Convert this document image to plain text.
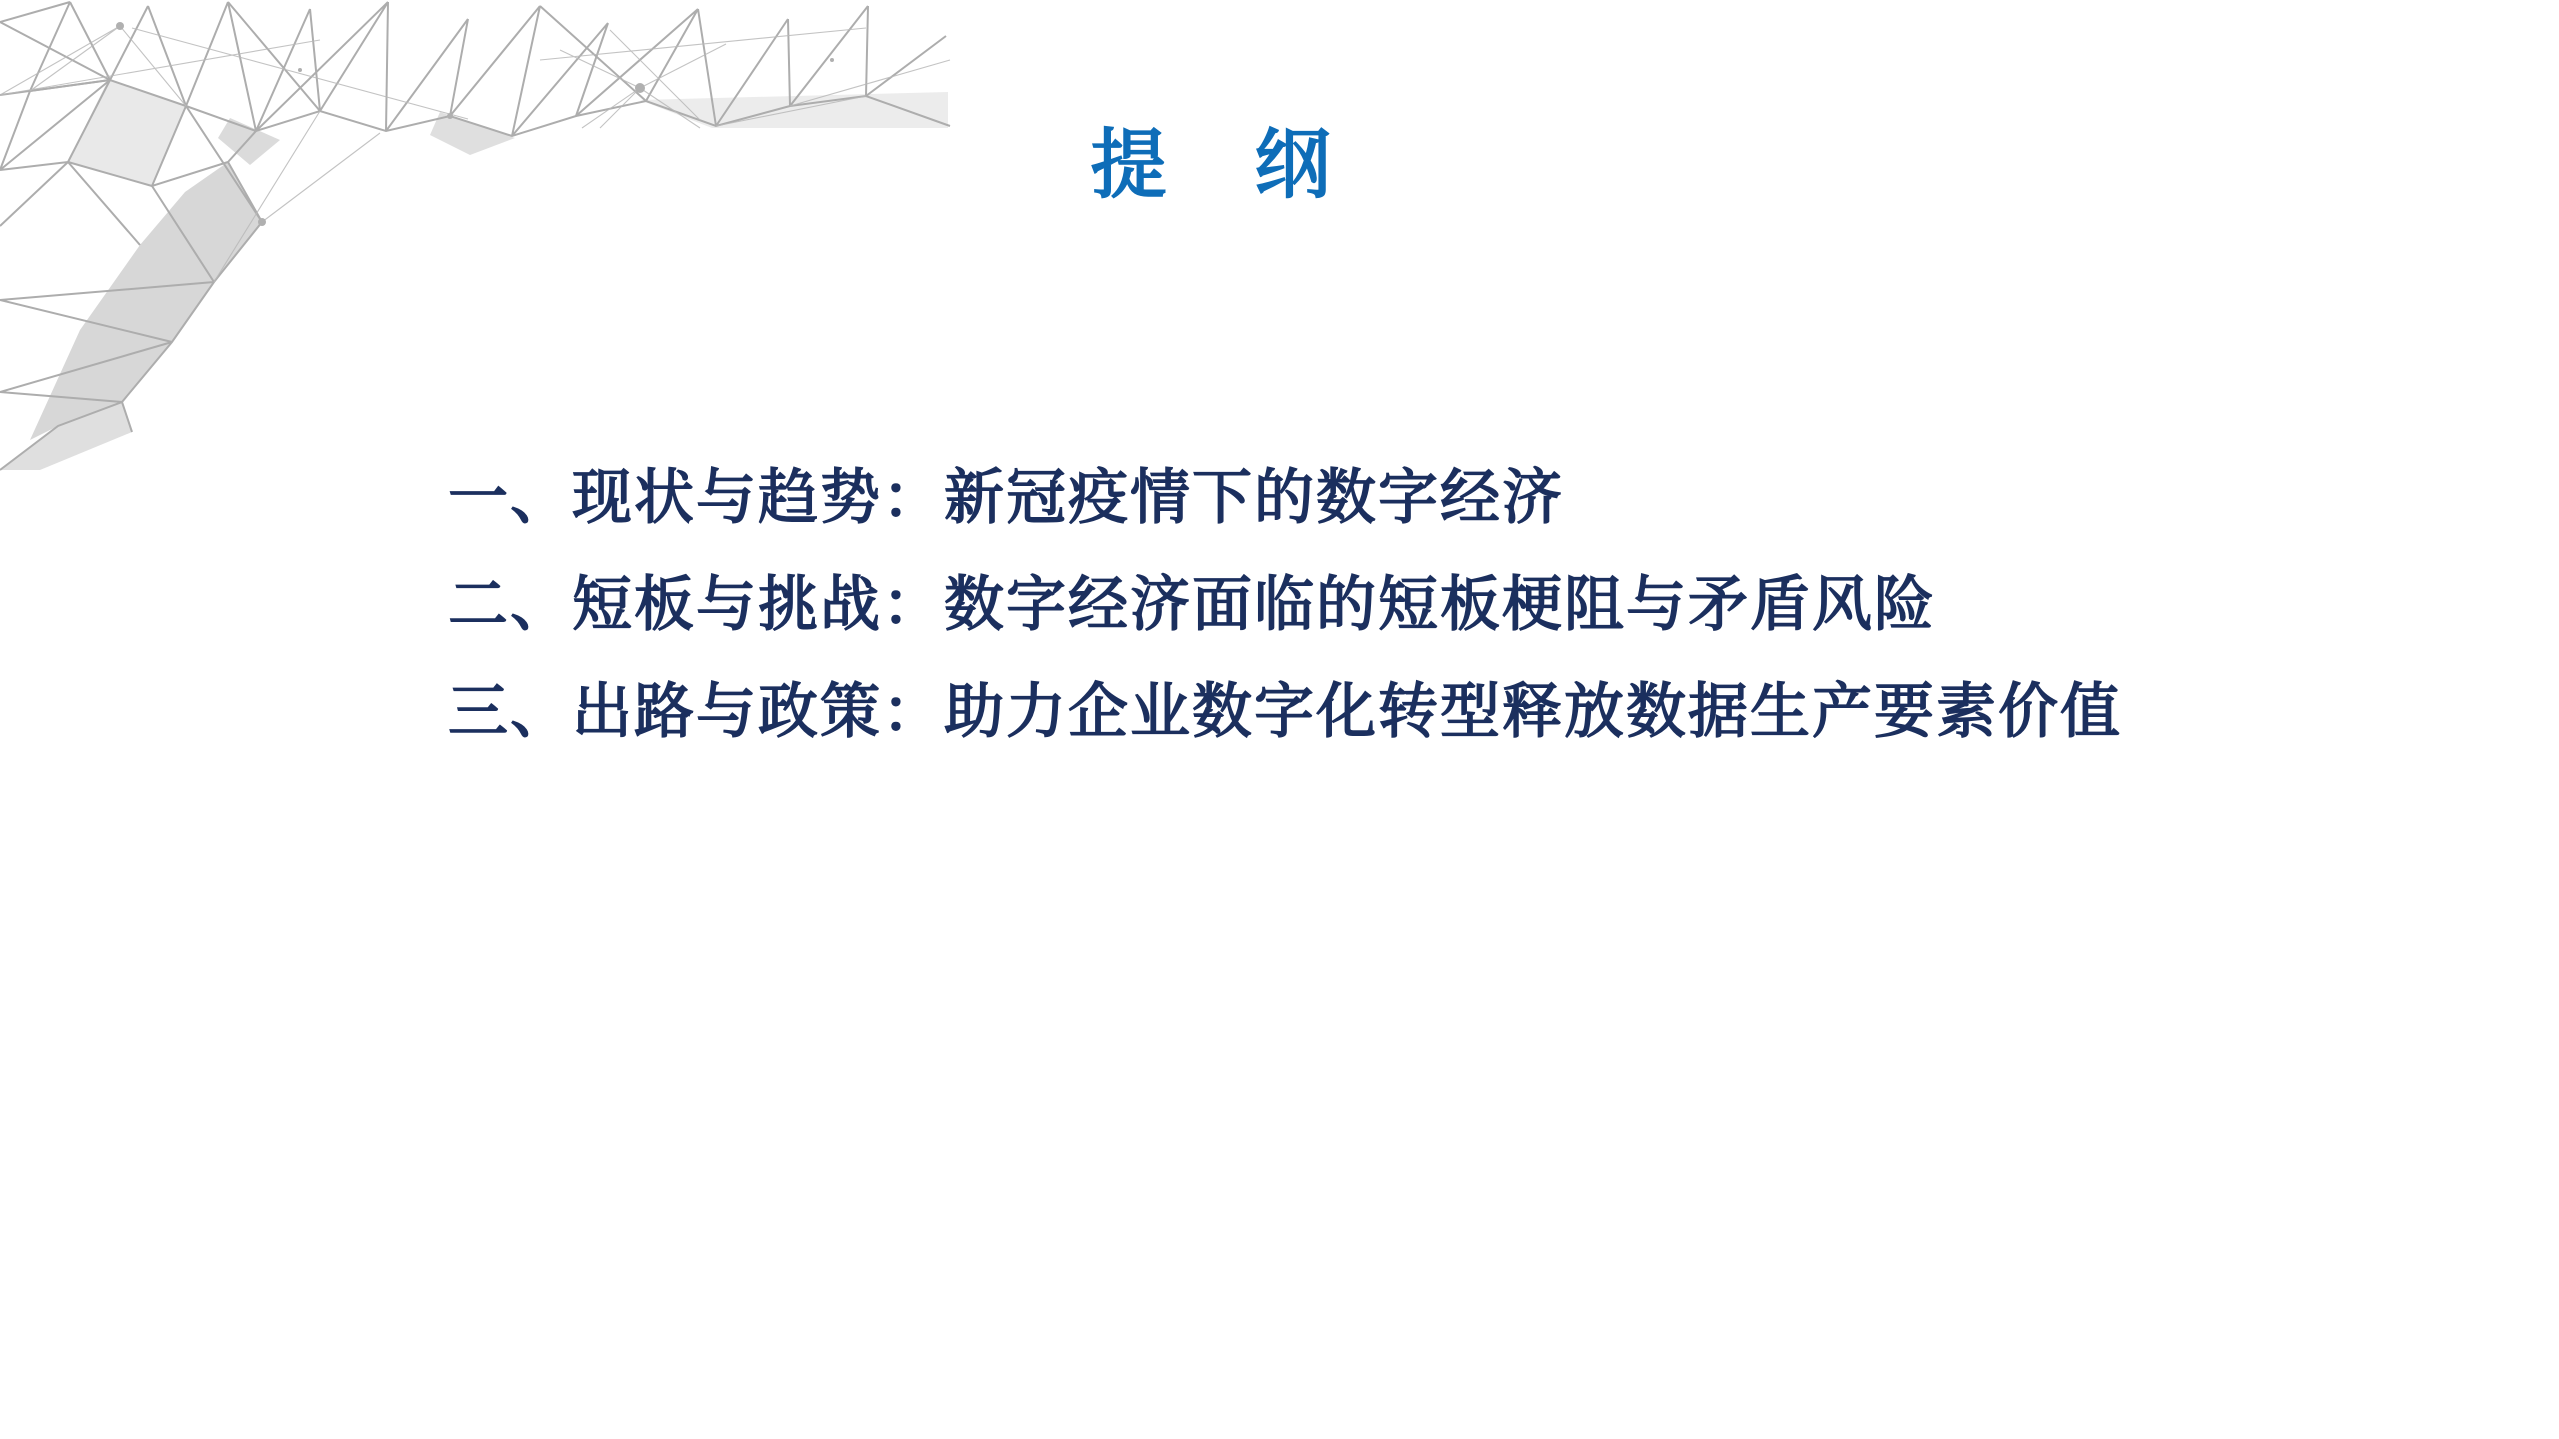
提　纲
一、现状与趋势：新冠疫情下的数字经济
二、短板与挑战：数字经济面临的短板梗阻与矛盾风险
三、出路与政策：助力企业数字化转型释放数据生产要素价值
